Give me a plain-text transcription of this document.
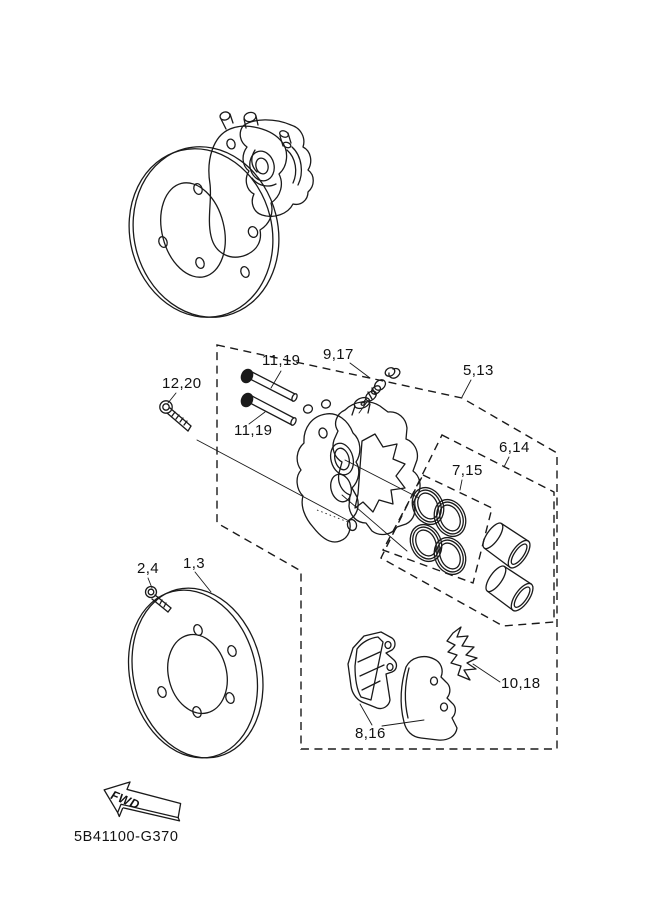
12,20
11,19
11,19
9,17
5,13
6,14
7,15
2,4 1,3
8,16
10,18
FWD
5B41100-G370
